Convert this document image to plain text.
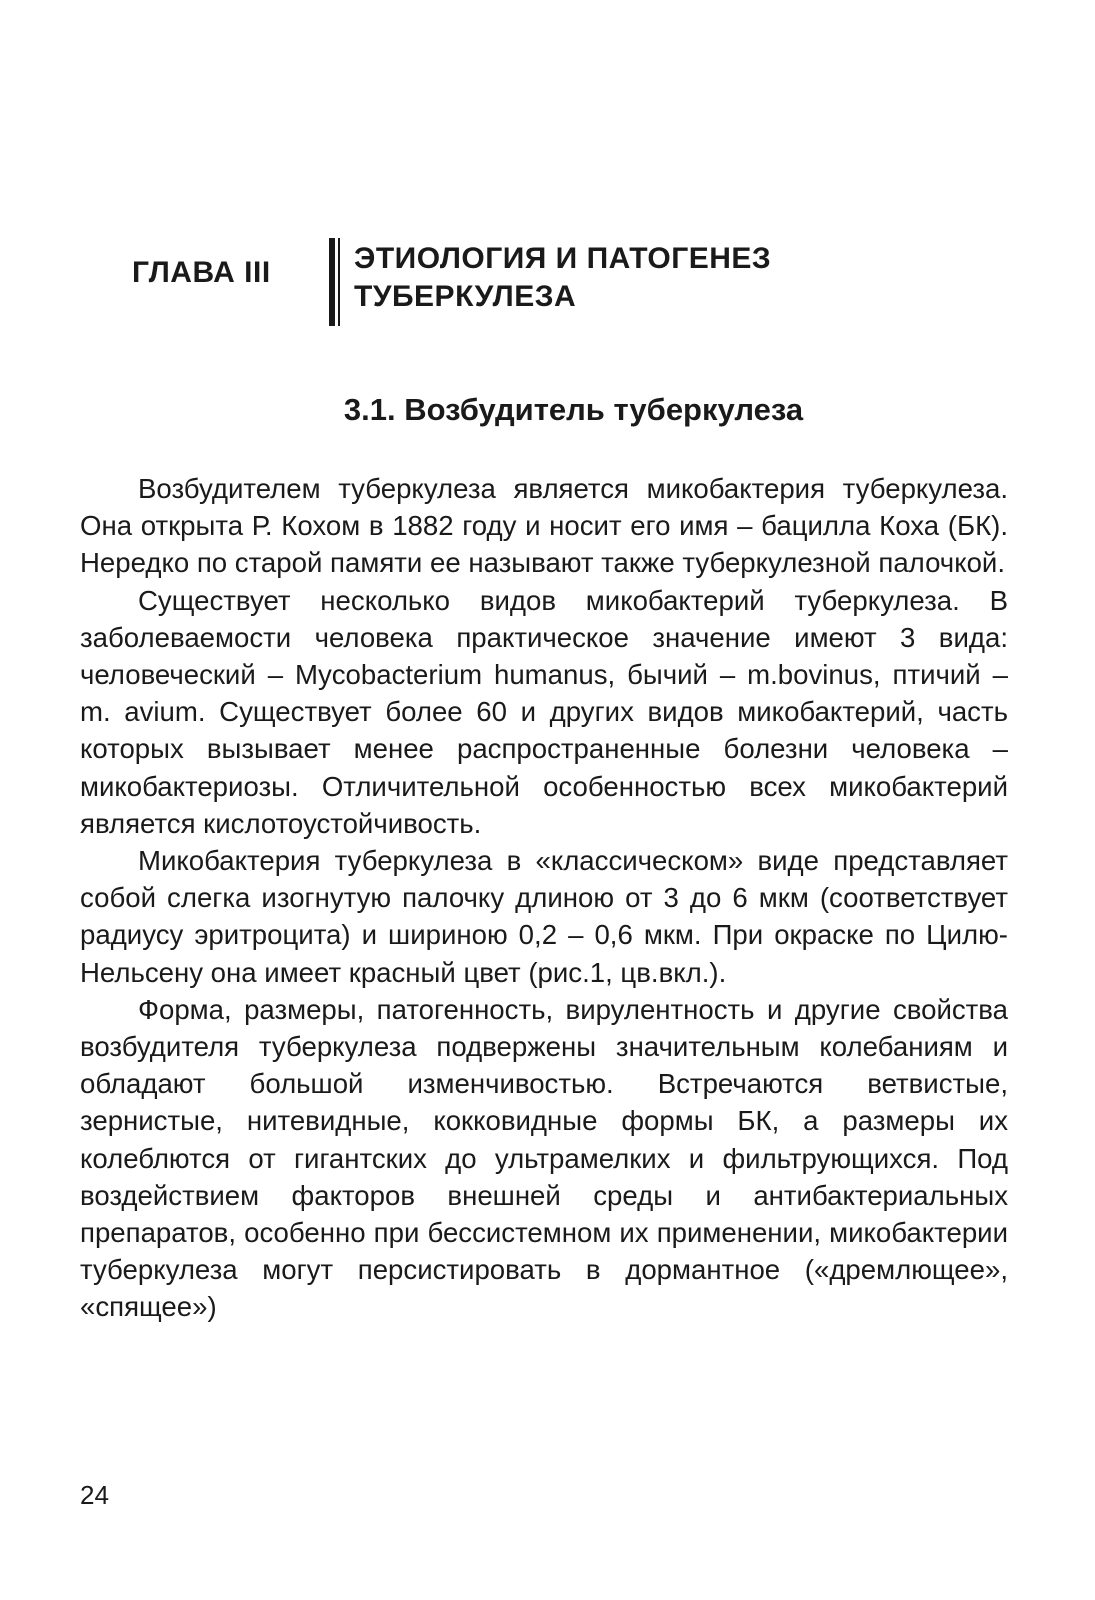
ГЛАВА III	ЭТИОЛОГИЯ И ПАТОГЕНЕЗ
ТУБЕРКУЛЕЗА
3.1. Возбудитель туберкулеза

Возбудителем туберкулеза является микобактерия туберкулеза. Она открыта Р. Кохом в 1882 году и носит его имя – бацилла Коха (БК). Нередко по старой памяти ее называют также туберкулезной палочкой.

Существует несколько видов микобактерий туберкулеза. В заболеваемости человека практическое значение имеют 3 вида: человеческий – Mycobacterium humanus, бычий – m.bovinus, птичий – m. avium. Существует более 60 и других видов микобактерий, часть которых вызывает менее распространенные болезни человека – микобактериозы. Отличительной особенностью всех микобактерий является кислотоустойчивость.

Микобактерия туберкулеза в «классическом» виде представляет собой слегка изогнутую палочку длиною от 3 до 6 мкм (соответствует радиусу эритроцита) и шириною 0,2 – 0,6 мкм. При окраске по Цилю-Нельсену она имеет красный цвет (рис.1, цв.вкл.).

Форма, размеры, патогенность, вирулентность и другие свойства возбудителя туберкулеза подвержены значительным колебаниям и обладают большой изменчивостью. Встречаются ветвистые, зернистые, нитевидные, кокковидные формы БК, а размеры их колеблются от гигантских до ультрамелких и фильтрующихся. Под воздействием факторов внешней среды и антибактериальных препаратов, особенно при бессистемном их применении, микобактерии туберкулеза могут персистировать в дормантное («дремлющее», «спящее»)

24
